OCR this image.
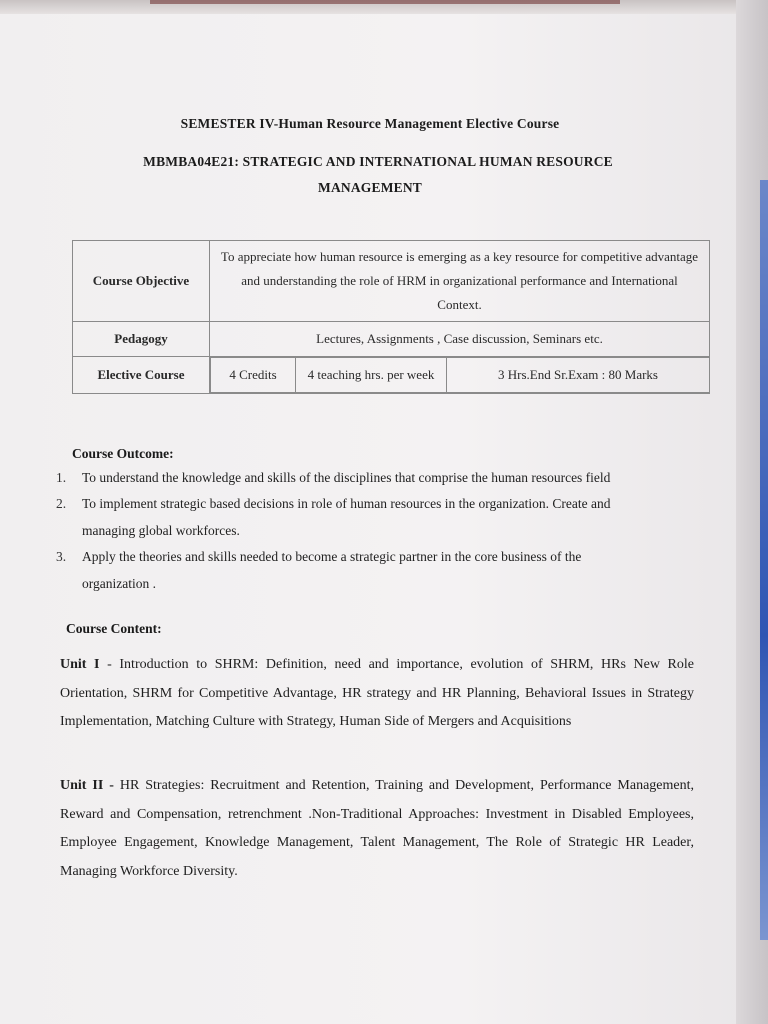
SEMESTER IV-Human Resource Management Elective Course
MBMBA04E21: STRATEGIC AND INTERNATIONAL HUMAN RESOURCE
MANAGEMENT
Course Objective	To appreciate how human resource is emerging as a key resource for competitive advantage and understanding the role of HRM in organizational performance and International Context.
Pedagogy	Lectures, Assignments , Case discussion, Seminars etc.
Elective Course		4 Credits	4 teaching hrs. per week	3 Hrs.End Sr.Exam : 80 Marks
Course Outcome:
1. To understand the knowledge and skills of the disciplines that comprise the human resources field
2. To implement strategic based decisions in role of human resources in the organization. Create and
managing global workforces.
3. Apply the theories and skills needed to become a strategic partner in the core business of the
organization .
Course Content:
Unit I - Introduction to SHRM: Definition, need and importance, evolution of SHRM, HRs New Role Orientation, SHRM for Competitive Advantage, HR strategy and HR Planning, Behavioral Issues in Strategy Implementation, Matching Culture with Strategy, Human Side of Mergers and Acquisitions
Unit II - HR Strategies: Recruitment and Retention, Training and Development, Performance Management, Reward and Compensation, retrenchment .Non-Traditional Approaches: Investment in Disabled Employees, Employee Engagement, Knowledge Management, Talent Management, The Role of Strategic HR Leader, Managing Workforce Diversity.
